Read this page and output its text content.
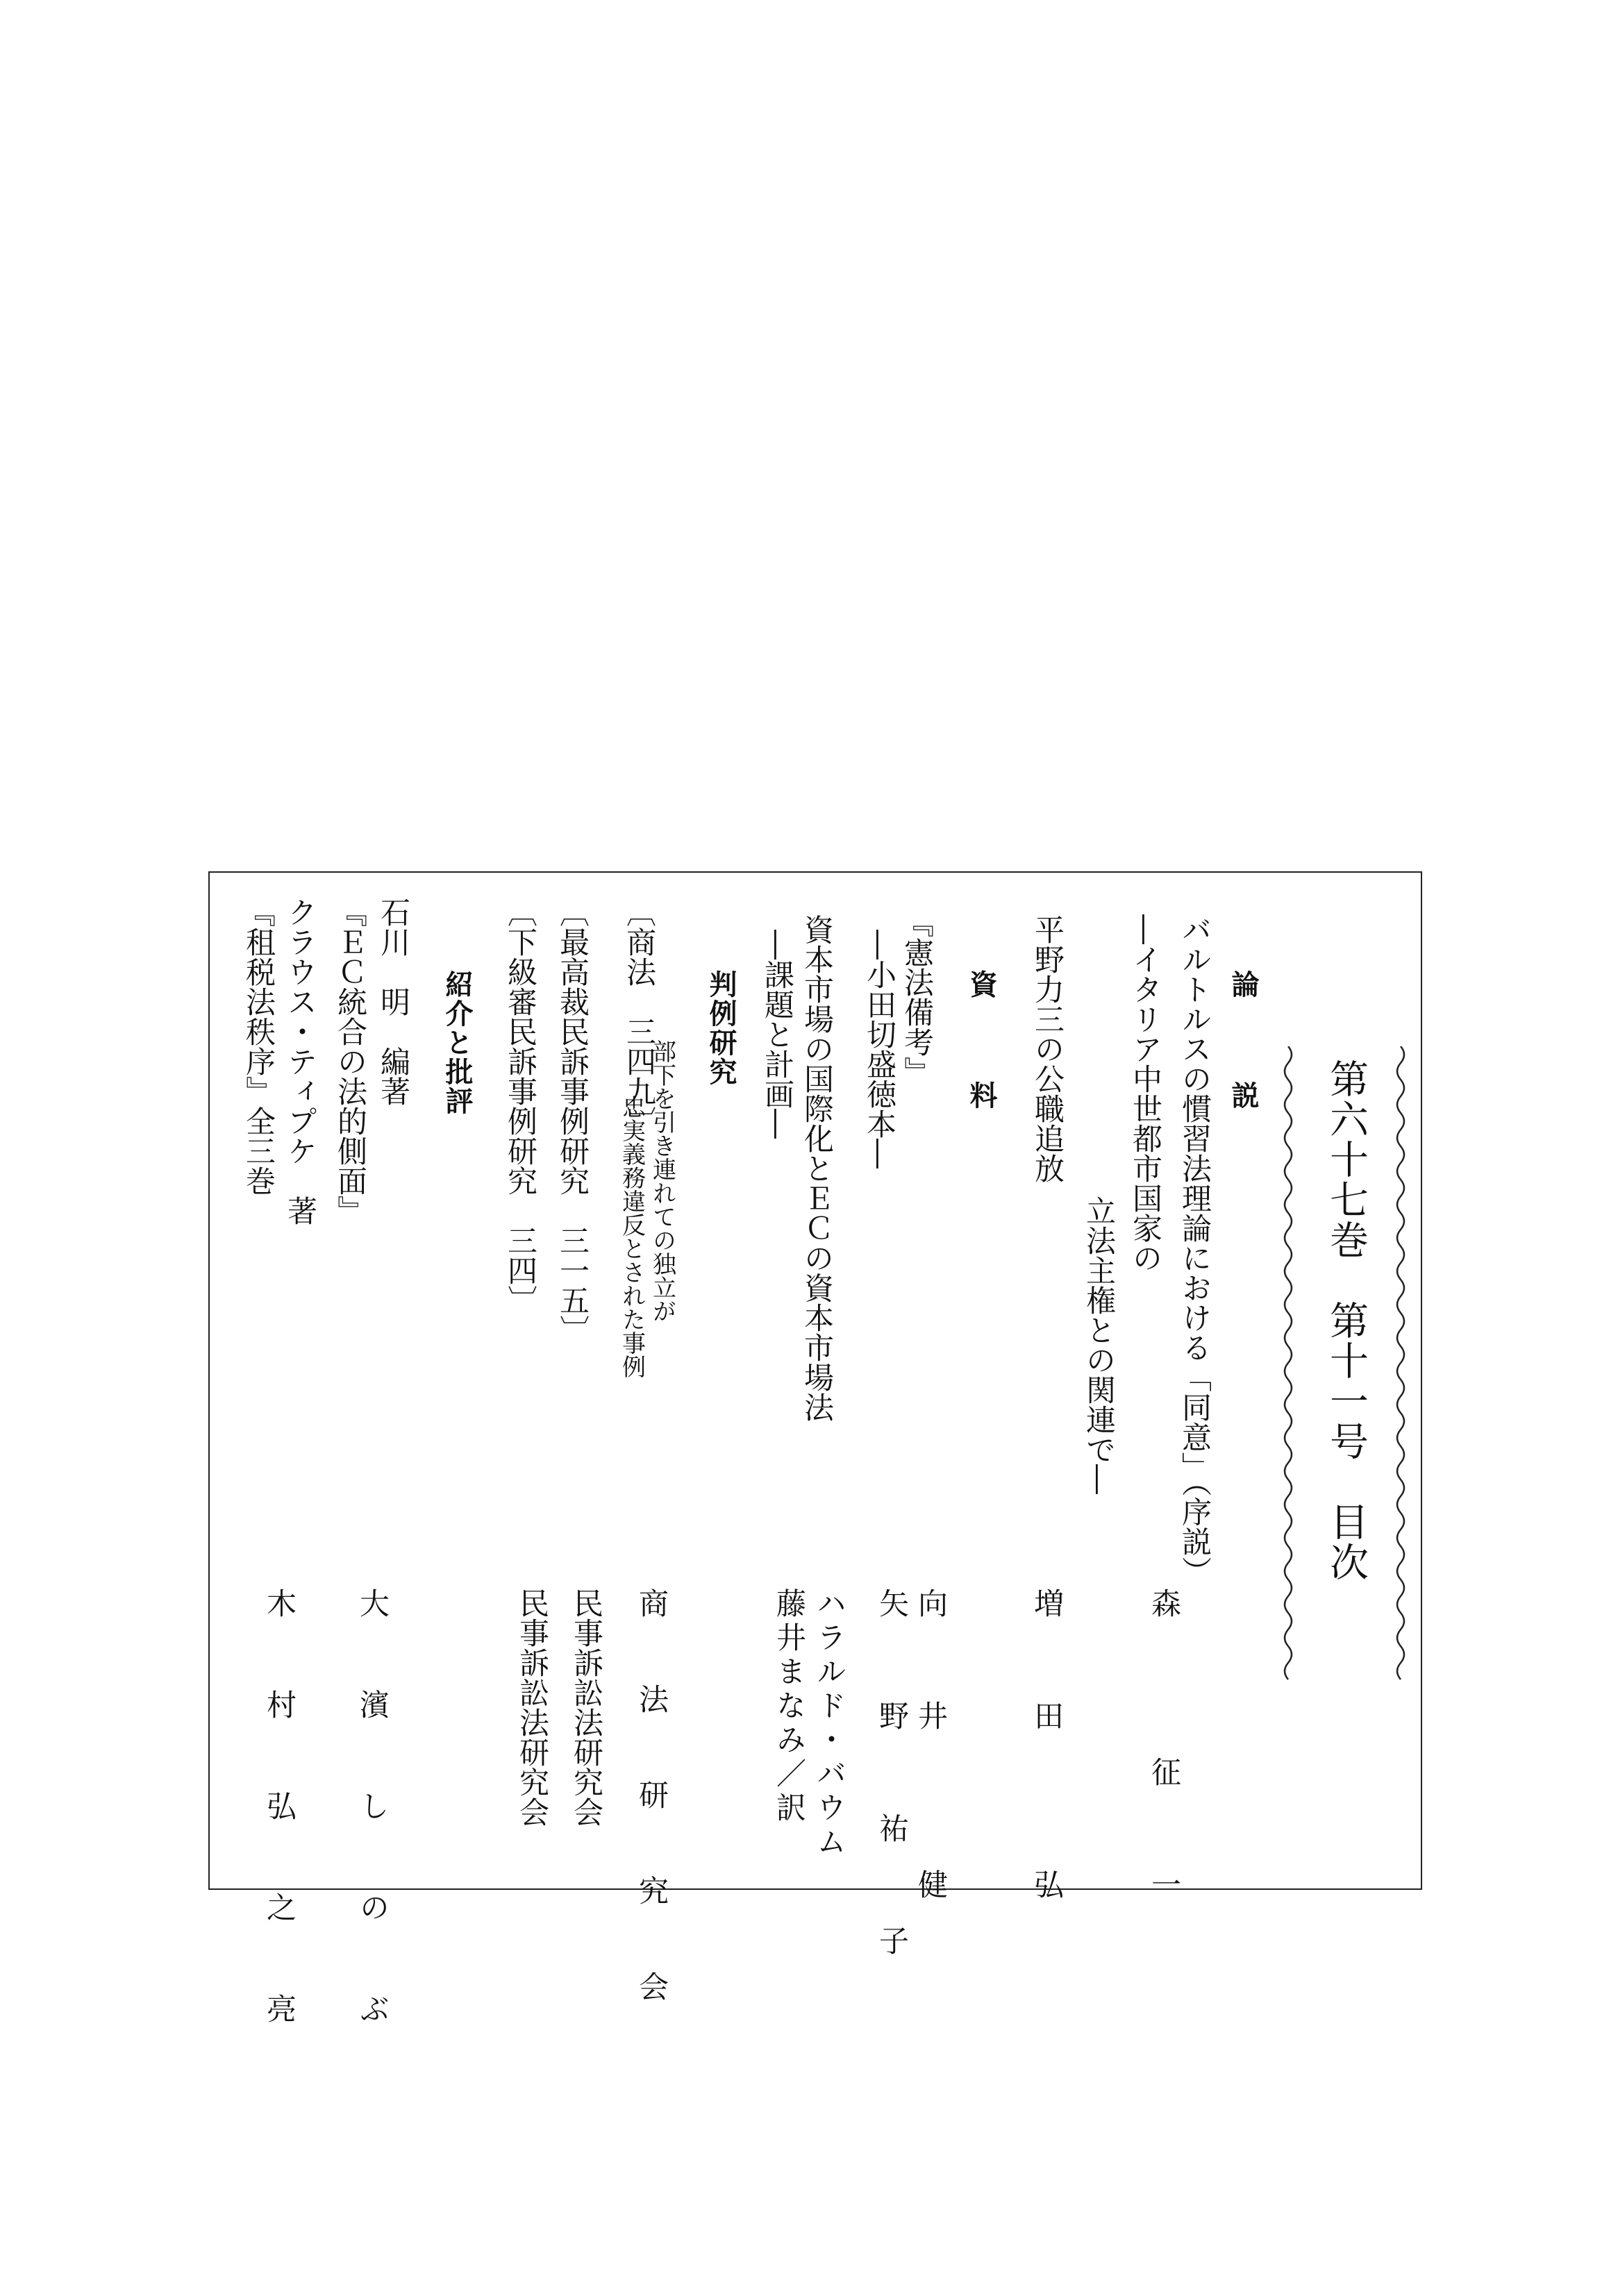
第六十七巻　第十一号　目次
論　説
バルトルスの慣習法理論における「同意」（序説）
―イタリア中世都市国家の
立法主権との関連で―
森　　征　一
資　料 平野力三の公職追放
増　田　　弘
『憲法備考』
―小田切盛徳本―
向　井　　健
矢　野　祐　子
資本市場の国際化とＥＣの資本市場法
―課題と計画―
ハラルド・バウム
藤井まなみ／訳
判例研究
〔商法　三四九〕
部下を引き連れての独立が
忠実義務違反とされた事例
商　法　研　究　会
〔最高裁民訴事例研究　三一五〕
民事訴訟法研究会
〔下級審民訴事例研究　三四〕
民事訴訟法研究会
紹介と批評
石川　明　編著
『ＥＣ統合の法的側面』
大　濱　し　の　ぶ
クラウス・ティプケ　著
『租税法秩序』全三巻
木　村　弘　之　亮
